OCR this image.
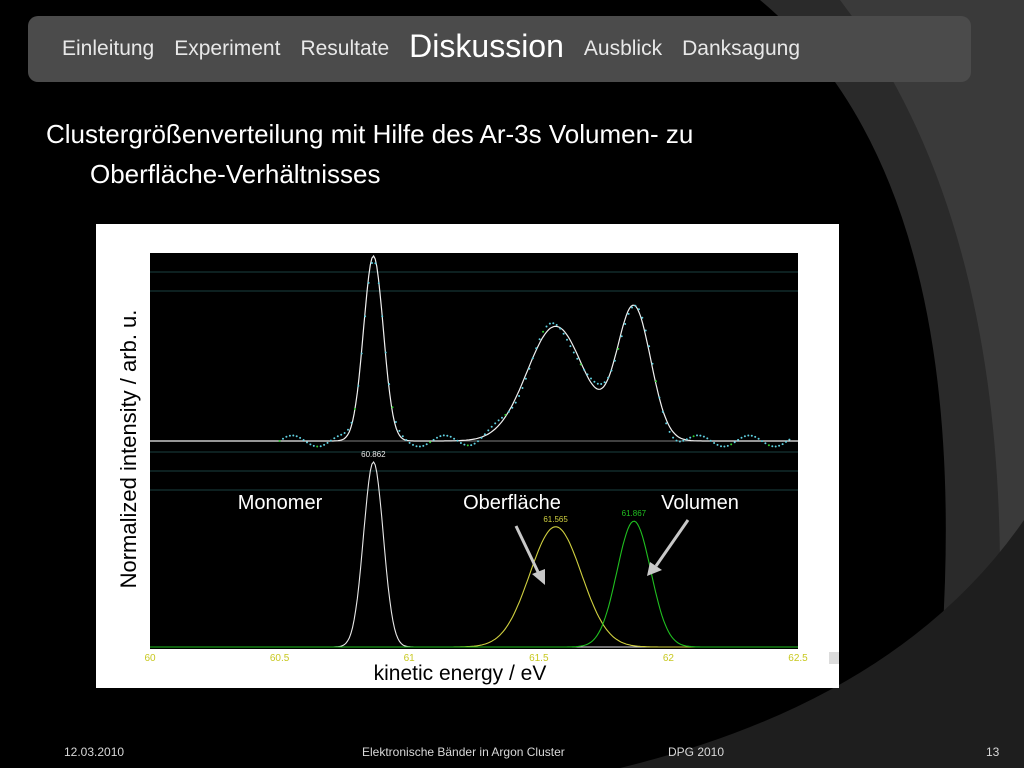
Einleitung Experiment Resultate Diskussion Ausblick Danksagung
Clustergrößenverteilung mit Hilfe des Ar-3s Volumen- zu
Oberfläche-Verhältnisses
60.862
61.565
61.867
60	60.5	61	61.5	62	62.5
Normalized intensity / arb. u.
kinetic energy / eV
Monomer	Oberfläche	Volumen
12.03.2010	Elektronische Bänder in Argon Cluster	DPG 2010	13
